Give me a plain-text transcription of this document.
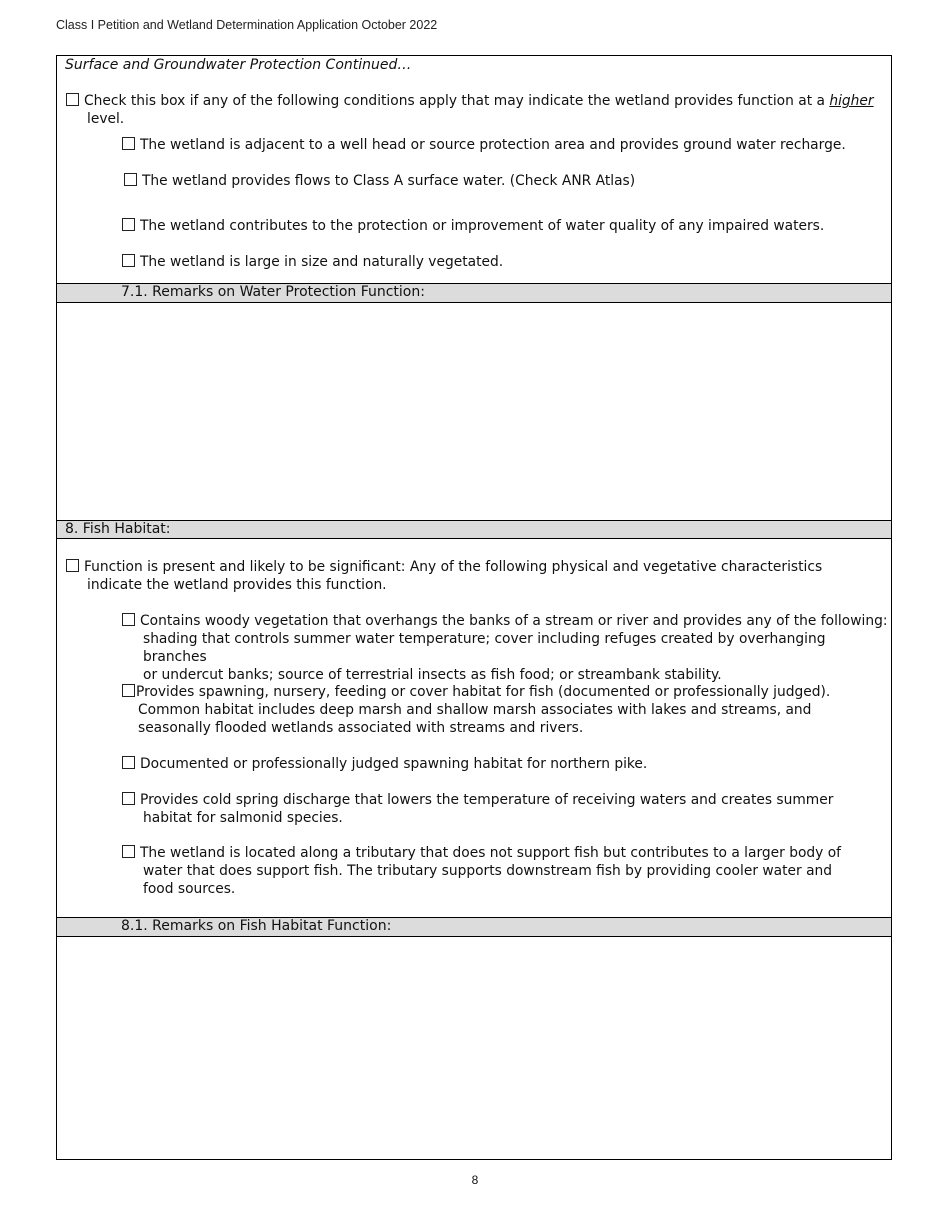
Class I Petition and Wetland Determination Application October 2022
Surface and Groundwater Protection Continued…
Check this box if any of the following conditions apply that may indicate the wetland provides function at a higher
level.
The wetland is adjacent to a well head or source protection area and provides ground water recharge.
The wetland provides flows to Class A surface water. (Check ANR Atlas)
The wetland contributes to the protection or improvement of water quality of any impaired waters.
The wetland is large in size and naturally vegetated.
7.1. Remarks on Water Protection Function:
8. Fish Habitat:
Function is present and likely to be significant: Any of the following physical and vegetative characteristics
indicate the wetland provides this function.
Contains woody vegetation that overhangs the banks of a stream or river and provides any of the following:
shading that controls summer water temperature; cover including refuges created by overhanging branches
or undercut banks; source of terrestrial insects as fish food; or streambank stability.
Provides spawning, nursery, feeding or cover habitat for fish (documented or professionally judged).
Common habitat includes deep marsh and shallow marsh associates with lakes and streams, and
seasonally flooded wetlands associated with streams and rivers.
Documented or professionally judged spawning habitat for northern pike.
Provides cold spring discharge that lowers the temperature of receiving waters and creates summer
habitat for salmonid species.
The wetland is located along a tributary that does not support fish but contributes to a larger body of
water that does support fish. The tributary supports downstream fish by providing cooler water and
food sources.
8.1. Remarks on Fish Habitat Function:
8
